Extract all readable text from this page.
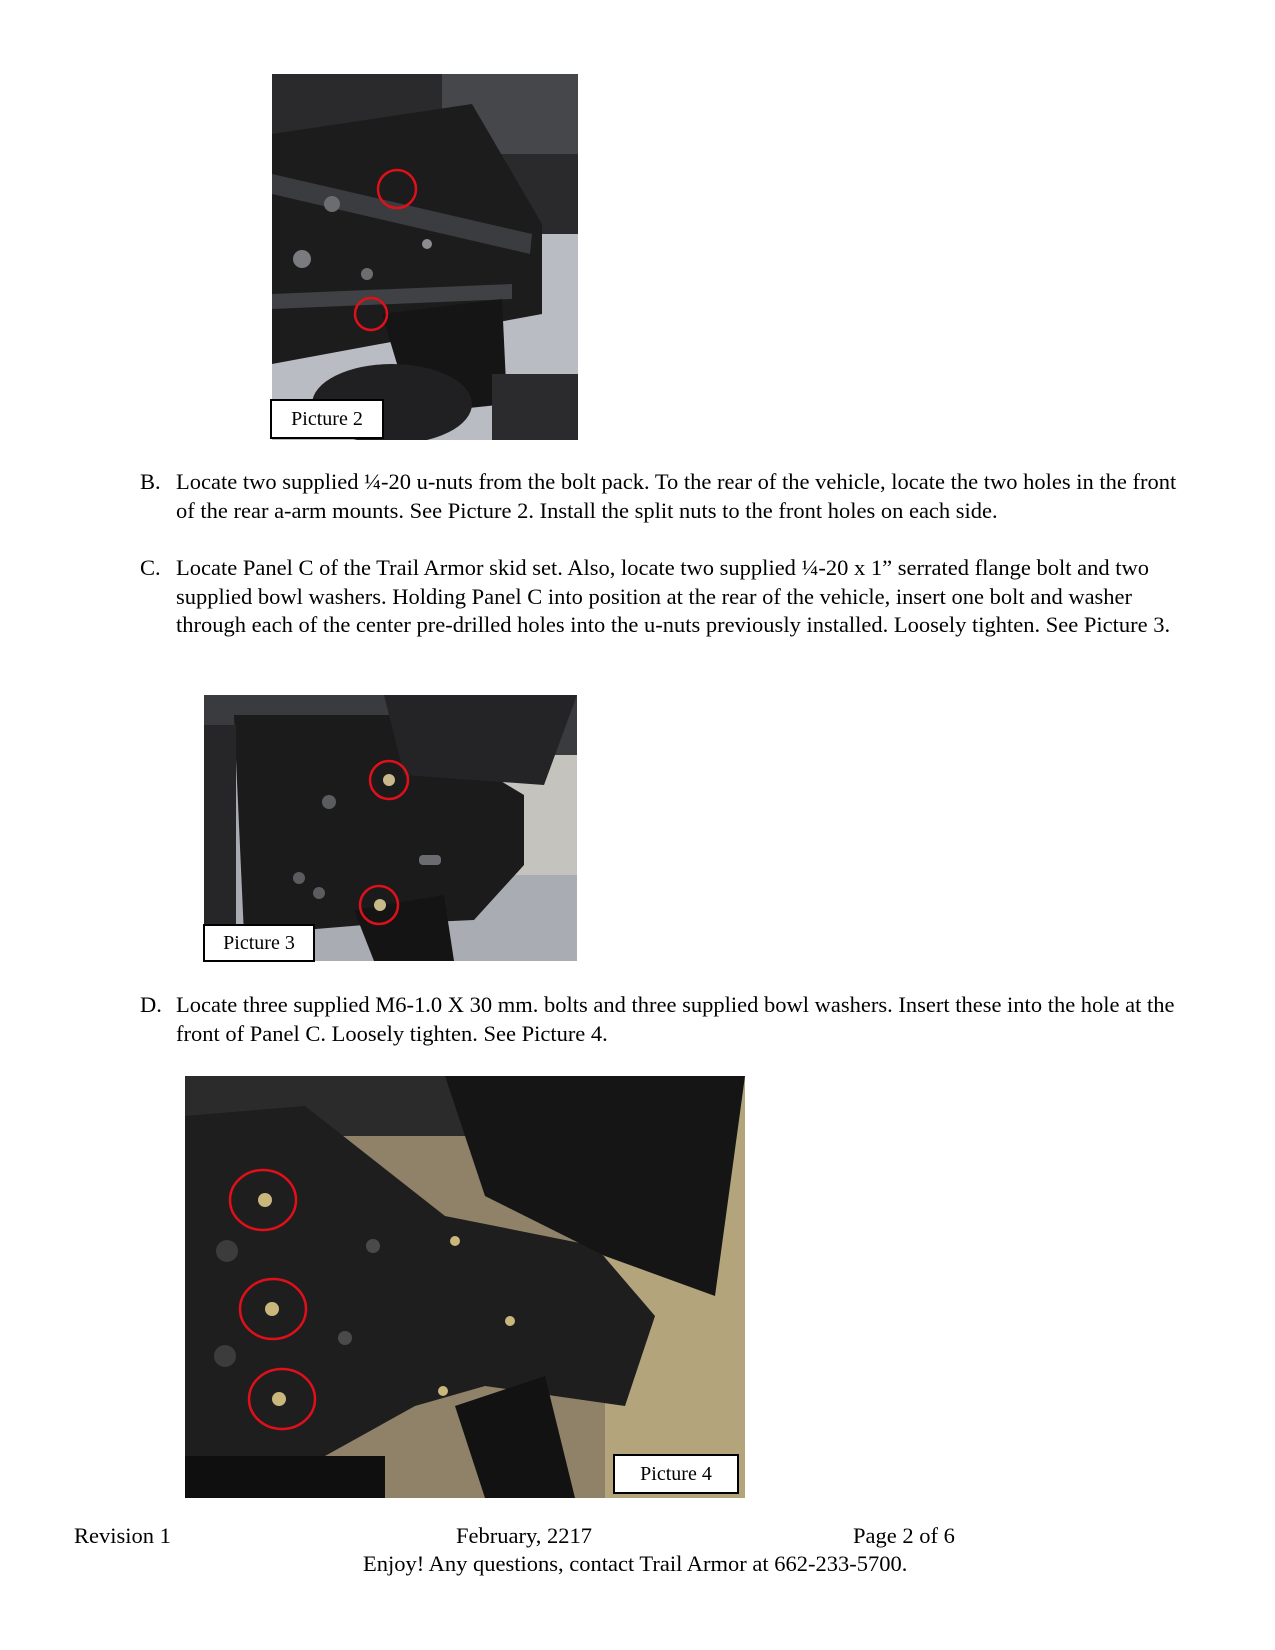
Picture 2
B. Locate two supplied ¼-20 u-nuts from the bolt pack. To the rear of the vehicle, locate the two holes in the front of the rear a-arm mounts. See Picture 2. Install the split nuts to the front holes on each side.
C. Locate Panel C of the Trail Armor skid set. Also, locate two supplied ¼-20 x 1” serrated flange bolt and two supplied bowl washers. Holding Panel C into position at the rear of the vehicle, insert one bolt and washer through each of the center pre-drilled holes into the u-nuts previously installed. Loosely tighten. See Picture 3.
Picture 3
D. Locate three supplied M6-1.0 X 30 mm. bolts and three supplied bowl washers. Insert these into the hole at the front of Panel C. Loosely tighten. See Picture 4.
Picture 4
Revision 1	February, 2217	Page 2 of 6
Enjoy! Any questions, contact Trail Armor at 662-233-5700.
